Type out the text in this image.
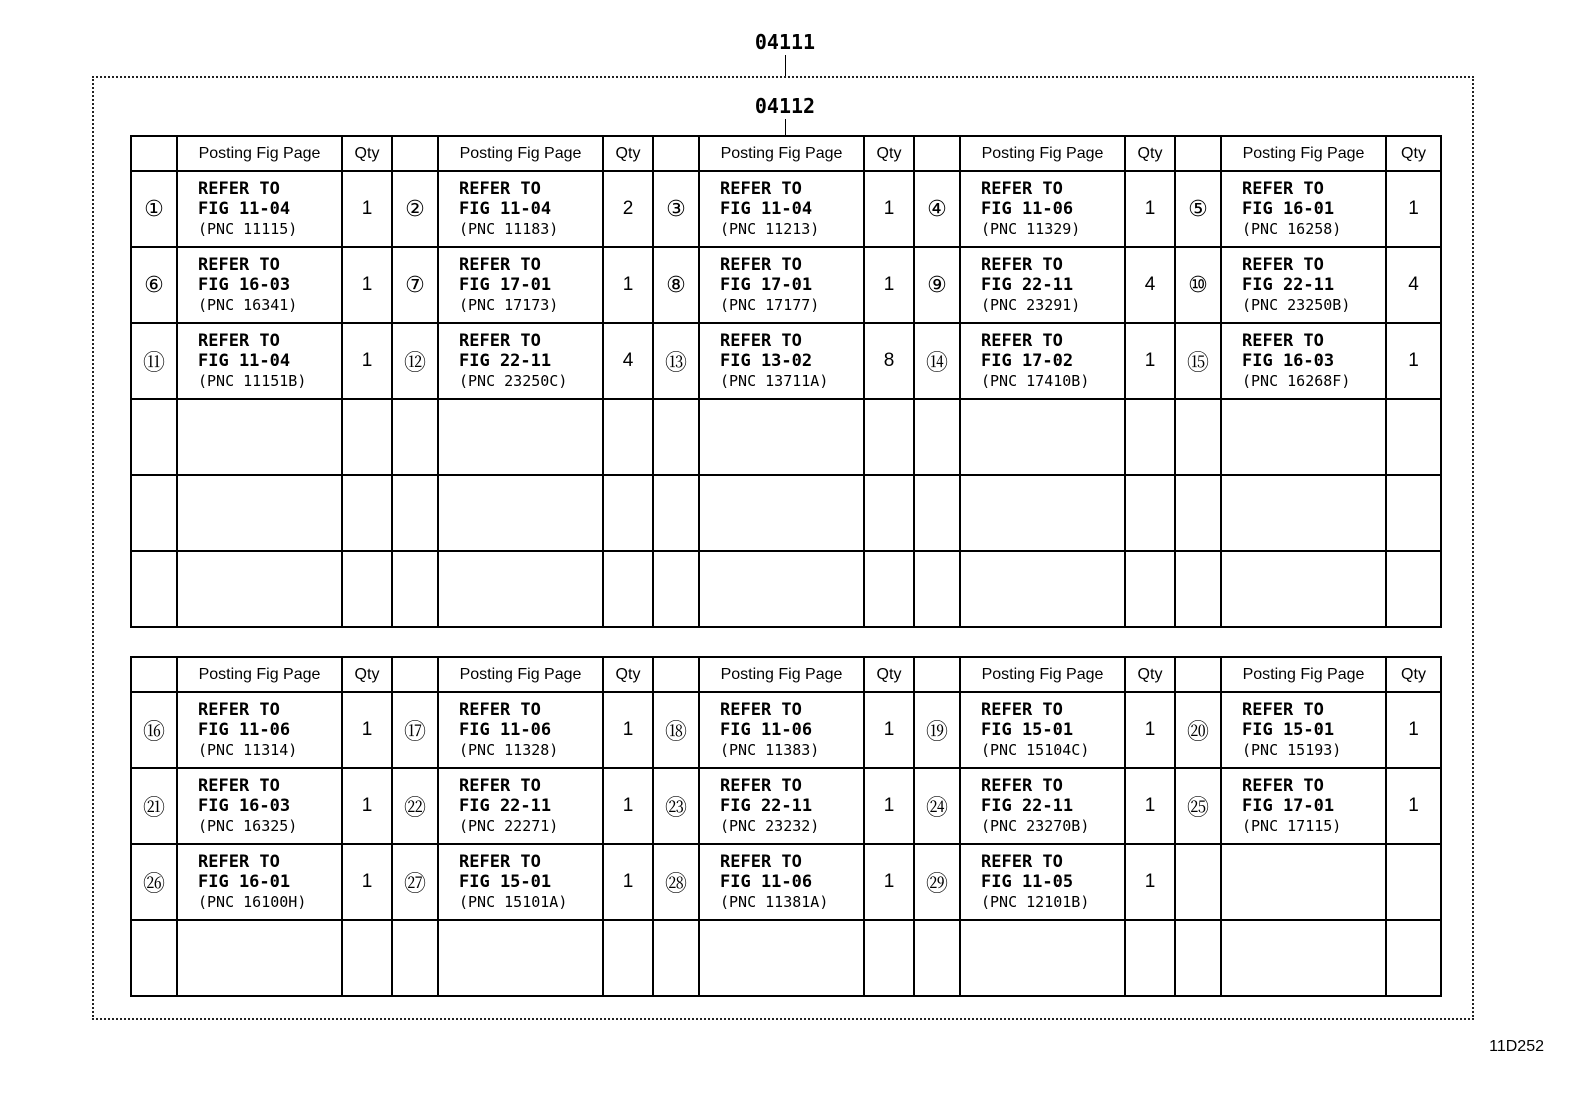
04111
04112
	Posting Fig Page	Qty		Posting Fig Page	Qty		Posting Fig Page	Qty		Posting Fig Page	Qty		Posting Fig Page	Qty
①	REFER TO
FIG 11-04
(PNC 11115)	1	②	REFER TO
FIG 11-04
(PNC 11183)	2	③	REFER TO
FIG 11-04
(PNC 11213)	1	④	REFER TO
FIG 11-06
(PNC 11329)	1	⑤	REFER TO
FIG 16-01
(PNC 16258)	1
⑥	REFER TO
FIG 16-03
(PNC 16341)	1	⑦	REFER TO
FIG 17-01
(PNC 17173)	1	⑧	REFER TO
FIG 17-01
(PNC 17177)	1	⑨	REFER TO
FIG 22-11
(PNC 23291)	4	⑩	REFER TO
FIG 22-11
(PNC 23250B)	4
⑪	REFER TO
FIG 11-04
(PNC 11151B)	1	⑫	REFER TO
FIG 22-11
(PNC 23250C)	4	⑬	REFER TO
FIG 13-02
(PNC 13711A)	8	⑭	REFER TO
FIG 17-02
(PNC 17410B)	1	⑮	REFER TO
FIG 16-03
(PNC 16268F)	1

	Posting Fig Page	Qty		Posting Fig Page	Qty		Posting Fig Page	Qty		Posting Fig Page	Qty		Posting Fig Page	Qty
⑯	REFER TO
FIG 11-06
(PNC 11314)	1	⑰	REFER TO
FIG 11-06
(PNC 11328)	1	⑱	REFER TO
FIG 11-06
(PNC 11383)	1	⑲	REFER TO
FIG 15-01
(PNC 15104C)	1	⑳	REFER TO
FIG 15-01
(PNC 15193)	1
㉑	REFER TO
FIG 16-03
(PNC 16325)	1	㉒	REFER TO
FIG 22-11
(PNC 22271)	1	㉓	REFER TO
FIG 22-11
(PNC 23232)	1	㉔	REFER TO
FIG 22-11
(PNC 23270B)	1	㉕	REFER TO
FIG 17-01
(PNC 17115)	1
㉖	REFER TO
FIG 16-01
(PNC 16100H)	1	㉗	REFER TO
FIG 15-01
(PNC 15101A)	1	㉘	REFER TO
FIG 11-06
(PNC 11381A)	1	㉙	REFER TO
FIG 11-05
(PNC 12101B)	1		

11D252
